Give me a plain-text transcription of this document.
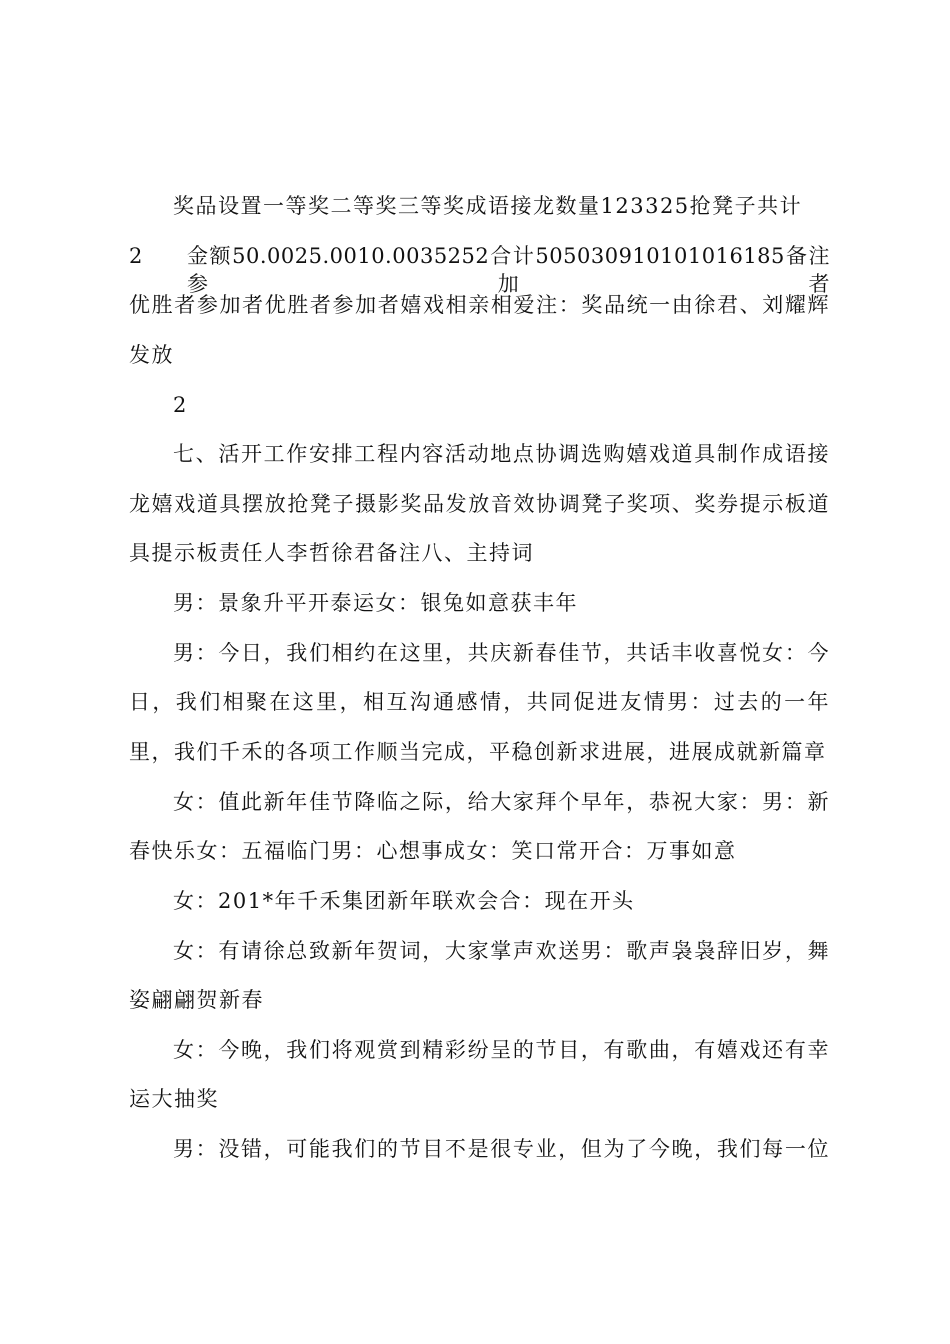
奖品设置一等奖二等奖三等奖成语接龙数量123325抢凳子共计
2 金额50.0025.0010.0035252合计505030910101016185备注参加者
优胜者参加者优胜者参加者嬉戏相亲相爱注：奖品统一由徐君、刘耀辉
发放
2
七、活开工作安排工程内容活动地点协调选购嬉戏道具制作成语接
龙嬉戏道具摆放抢凳子摄影奖品发放音效协调凳子奖项、奖券提示板道
具提示板责任人李哲徐君备注八、主持词
男：景象升平开泰运女：银兔如意获丰年
男：今日，我们相约在这里，共庆新春佳节，共话丰收喜悦女：今
日，我们相聚在这里，相互沟通感情，共同促进友情男：过去的一年
里，我们千禾的各项工作顺当完成，平稳创新求进展，进展成就新篇章
女：值此新年佳节降临之际，给大家拜个早年，恭祝大家：男：新
春快乐女：五福临门男：心想事成女：笑口常开合：万事如意
女：201*年千禾集团新年联欢会合：现在开头
女：有请徐总致新年贺词，大家掌声欢送男：歌声袅袅辞旧岁，舞
姿翩翩贺新春
女：今晚，我们将观赏到精彩纷呈的节目，有歌曲，有嬉戏还有幸
运大抽奖
男：没错，可能我们的节目不是很专业，但为了今晚，我们每一位
